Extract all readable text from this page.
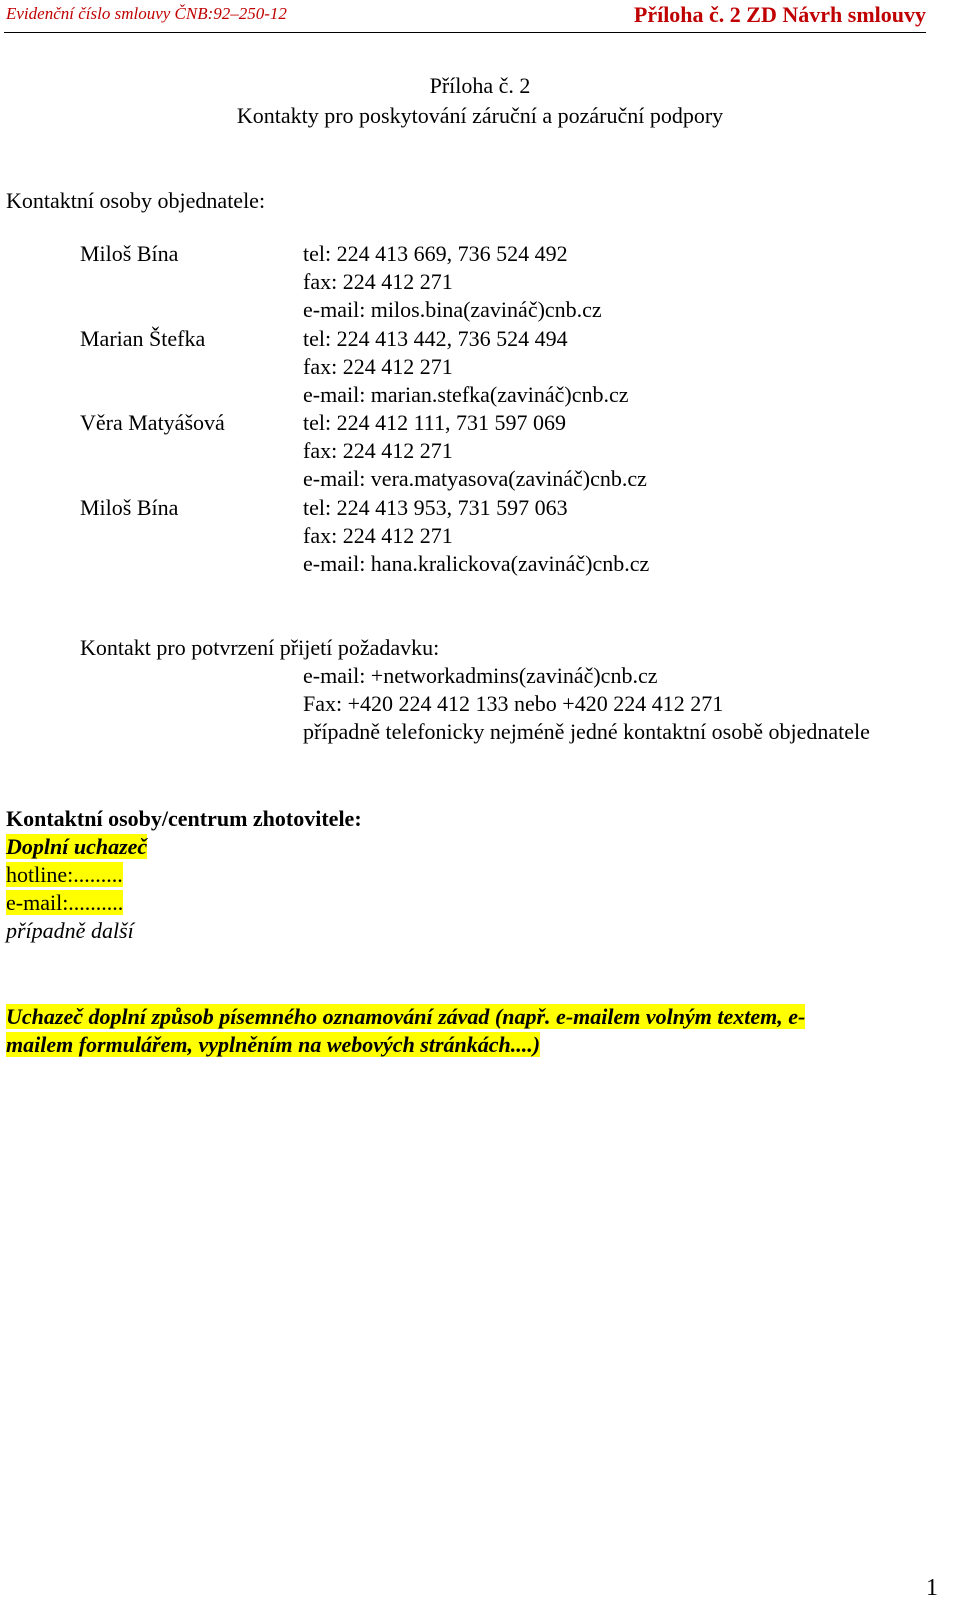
Evidenční číslo smlouvy ČNB:92–250-12	Příloha č. 2 ZD Návrh smlouvy
Příloha č. 2
Kontakty pro poskytování záruční a pozáruční podpory
Kontaktní osoby objednatele:
Miloš Bína	tel: 224 413 669, 736 524 492
fax: 224 412 271
e-mail: milos.bina(zavináč)cnb.cz
Marian Štefka	tel: 224 413 442, 736 524 494
fax: 224 412 271
e-mail: marian.stefka(zavináč)cnb.cz
Věra Matyášová	tel: 224 412 111, 731 597 069
fax: 224 412 271
e-mail: vera.matyasova(zavináč)cnb.cz
Miloš Bína	tel: 224 413 953, 731 597 063
fax: 224 412 271
e-mail: hana.kralickova(zavináč)cnb.cz
Kontakt pro potvrzení přijetí požadavku:
e-mail: +networkadmins(zavináč)cnb.cz
Fax: +420 224 412 133 nebo +420 224 412 271
případně telefonicky nejméně jedné kontaktní osobě objednatele
Kontaktní osoby/centrum zhotovitele:
Doplní uchazeč
hotline:.........
e-mail:..........
případně další
Uchazeč doplní způsob písemného oznamování závad (např. e-mailem volným textem, e-
mailem formulářem, vyplněním na webových stránkách....)
1
